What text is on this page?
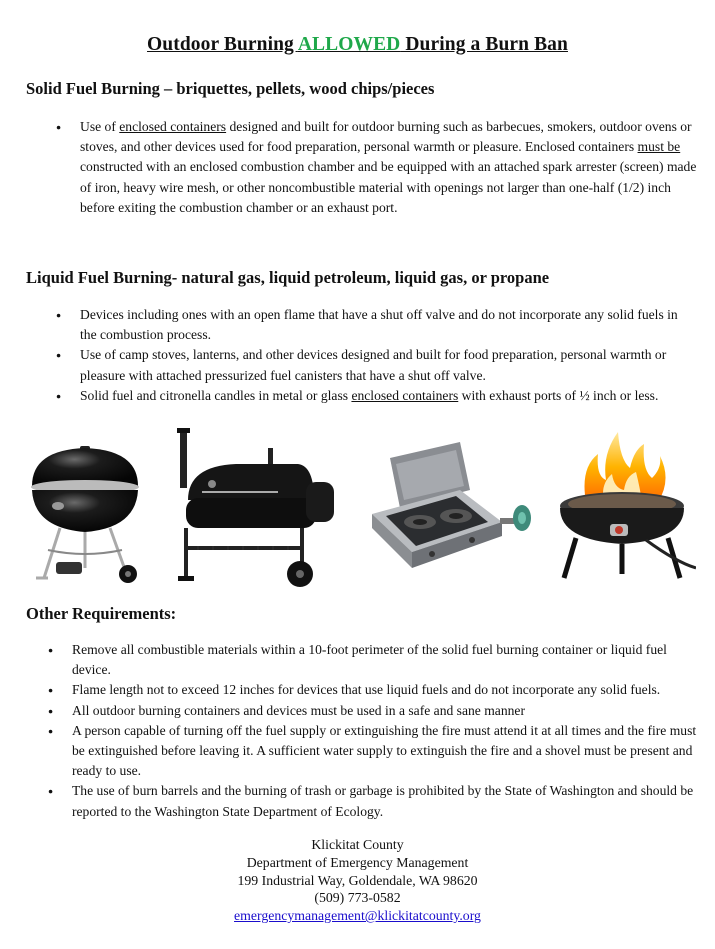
Outdoor Burning ALLOWED During a Burn Ban
Solid Fuel Burning – briquettes, pellets, wood chips/pieces
● Use of enclosed containers designed and built for outdoor burning such as barbecues, smokers, outdoor ovens or stoves, and other devices used for food preparation, personal warmth or pleasure. Enclosed containers must be constructed with an enclosed combustion chamber and be equipped with an attached spark arrester (screen) made of iron, heavy wire mesh, or other noncombustible material with openings not larger than one-half (1/2) inch before exiting the combustion chamber or an exhaust port.
Liquid Fuel Burning- natural gas, liquid petroleum, liquid gas, or propane
● Devices including ones with an open flame that have a shut off valve and do not incorporate any solid fuels in the combustion process.
● Use of camp stoves, lanterns, and other devices designed and built for food preparation, personal warmth or pleasure with attached pressurized fuel canisters that have a shut off valve.
● Solid fuel and citronella candles in metal or glass enclosed containers with exhaust ports of ½ inch or less.
Other Requirements:
● Remove all combustible materials within a 10-foot perimeter of the solid fuel burning container or liquid fuel device.
● Flame length not to exceed 12 inches for devices that use liquid fuels and do not incorporate any solid fuels.
● All outdoor burning containers and devices must be used in a safe and sane manner
● A person capable of turning off the fuel supply or extinguishing the fire must attend it at all times and the fire must be extinguished before leaving it. A sufficient water supply to extinguish the fire and a shovel must be present and ready to use.
● The use of burn barrels and the burning of trash or garbage is prohibited by the State of Washington and should be reported to the Washington State Department of Ecology.
Klickitat County
Department of Emergency Management
199 Industrial Way, Goldendale, WA 98620
(509) 773-0582
emergencymanagement@klickitatcounty.org
